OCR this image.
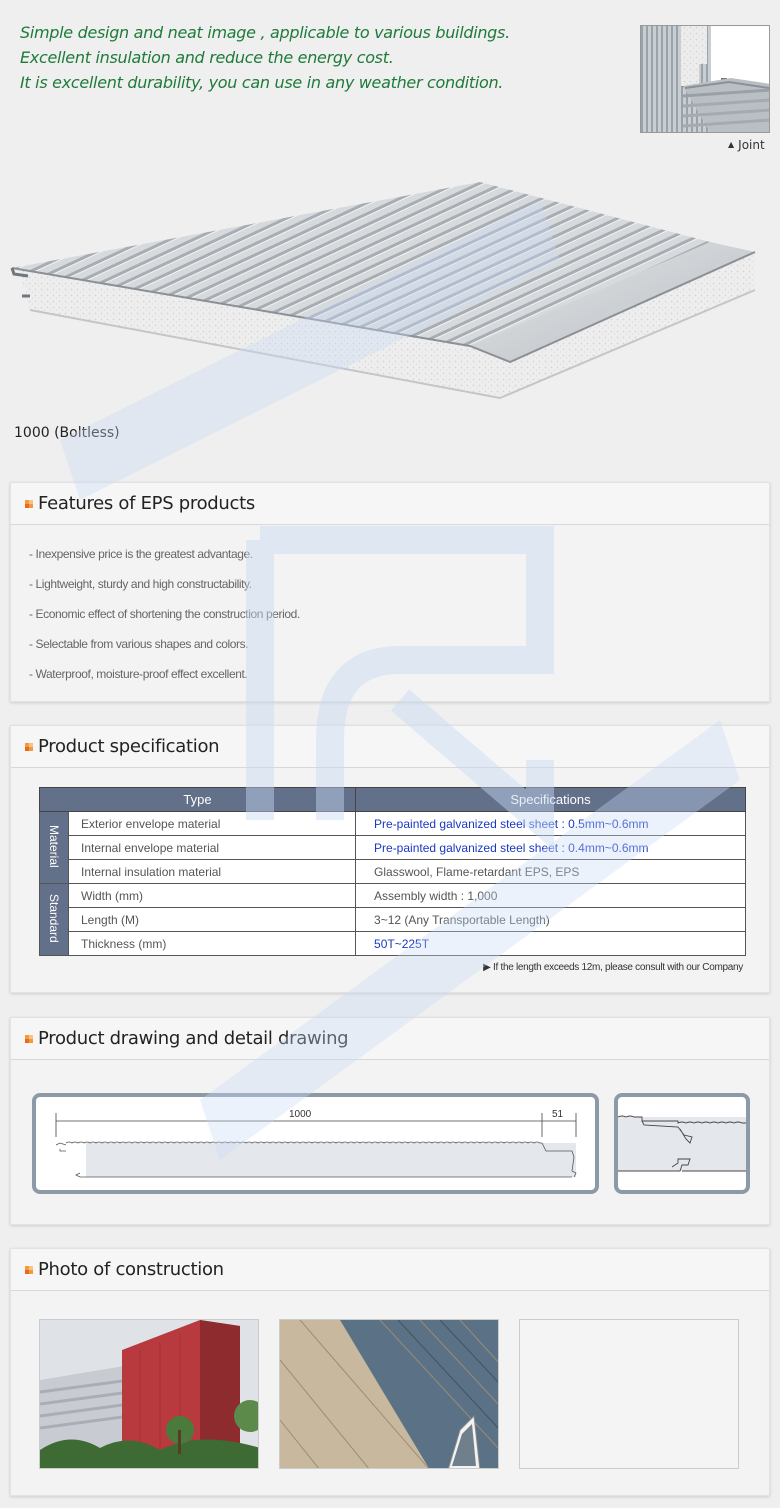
Simple design and neat image , applicable to various buildings.

Excellent insulation and reduce the energy cost.

It is excellent durability, you can use in any weather condition.

▲ Joint
1000 (Boltless)
Features of EPS products
- Inexpensive price is the greatest advantage.
- Lightweight, sturdy and high constructability.
- Economic effect of shortening the construction period.
- Selectable from various shapes and colors.
- Waterproof, moisture-proof effect excellent.
Product specification
Type		Specifications
Material	Exterior envelope material	Pre-painted galvanized steel sheet : 0.5mm~0.6mm
	Internal envelope material	Pre-painted galvanized steel sheet : 0.4mm~0.6mm
	Internal insulation material	Glasswool, Flame-retardant EPS, EPS
Standard	Width (mm)	Assembly width : 1,000
	Length (M)	3~12 (Any Transportable Length)
	Thickness (mm)	50T~225T
▶ If the length exceeds 12m, please consult with our Company
Product drawing and detail drawing
1000	51
Photo of construction
